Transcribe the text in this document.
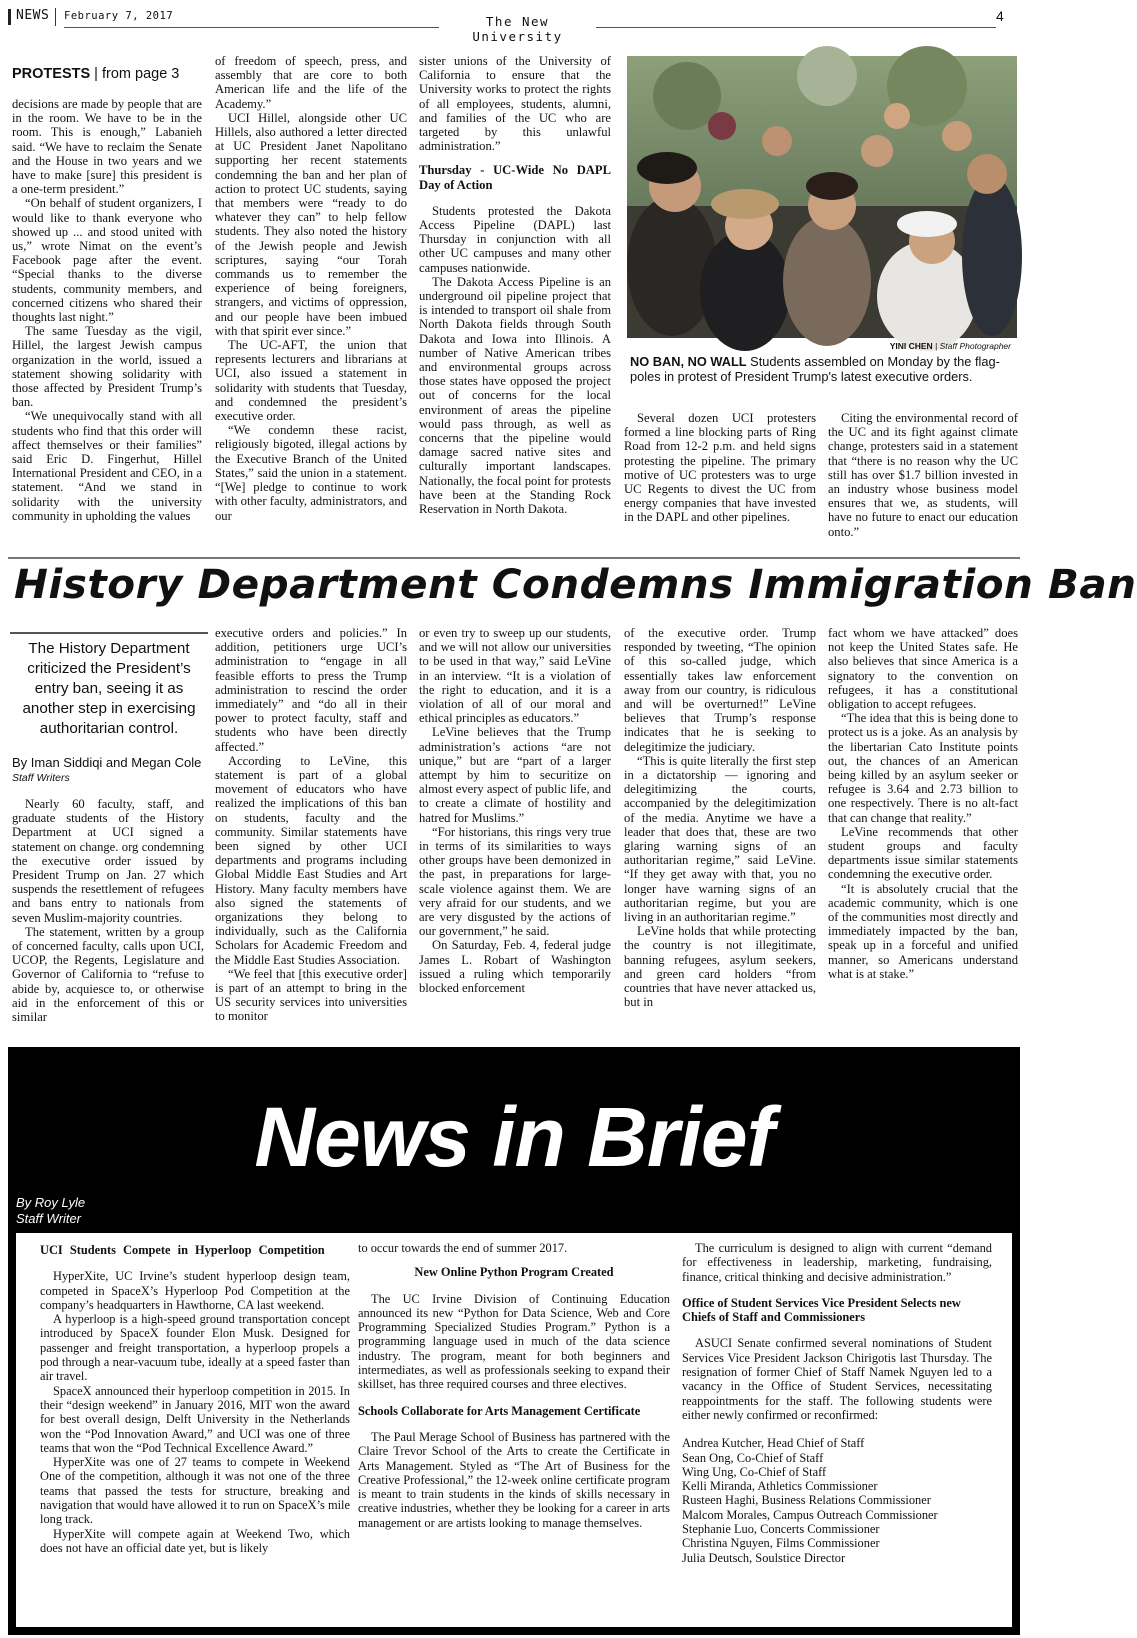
NEWS February 7, 2017	The New University
4
PROTESTS | from page 3

decisions are made by people that are in the room. We have to be in the room. This is enough,” Labanieh said. “We have to reclaim the Senate and the House in two years and we have to make [sure] this president is a one-term president.”

“On behalf of student organizers, I would like to thank everyone who showed up ... and stood united with us,” wrote Nimat on the event’s Facebook page after the event. “Special thanks to the diverse students, community members, and concerned citizens who shared their thoughts last night.”

The same Tuesday as the vigil, Hillel, the largest Jewish campus organization in the world, issued a statement showing solidarity with those affected by President Trump’s ban.

“We unequivocally stand with all students who find that this order will affect themselves or their families” said Eric D. Fingerhut, Hillel International President and CEO, in a statement. “And we stand in solidarity with the university community in upholding the values

of freedom of speech, press, and assembly that are core to both American life and the life of the Academy.”

UCI Hillel, alongside other UC Hillels, also authored a letter directed at UC President Janet Napolitano supporting her recent statements condemning the ban and her plan of action to protect UC students, saying that members were “ready to do whatever they can” to help fellow students. They also noted the history of the Jewish people and Jewish scriptures, saying “our Torah commands us to remember the experience of being foreigners, strangers, and victims of oppression, and our people have been imbued with that spirit ever since.”

The UC-AFT, the union that represents lecturers and librarians at UCI, also issued a statement in solidarity with students that Tuesday, and condemned the president’s executive order.

“We condemn these racist, religiously bigoted, illegal actions by the Executive Branch of the United States,” said the union in a statement. “[We] pledge to continue to work with other faculty, administrators, and our

sister unions of the University of California to ensure that the University works to protect the rights of all employees, students, alumni, and families of the UC who are targeted by this unlawful administration.”

Thursday - UC-Wide No DAPL Day of Action

Students protested the Dakota Access Pipeline (DAPL) last Thursday in conjunction with all other UC campuses and many other campuses nationwide.

The Dakota Access Pipeline is an underground oil pipeline project that is intended to transport oil shale from North Dakota fields through South Dakota and Iowa into Illinois. A number of Native American tribes and environmental groups across those states have opposed the project out of concerns for the local environment of areas the pipeline would pass through, as well as concerns that the pipeline would damage sacred native sites and culturally important landscapes. Nationally, the focal point for protests have been at the Standing Rock Reservation in North Dakota.

YINI CHEN | Staff Photographer
NO BAN, NO WALL Students assembled on Monday by the flag-poles in protest of President Trump's latest executive orders.

Several dozen UCI protesters formed a line blocking parts of Ring Road from 12-2 p.m. and held signs protesting the pipeline. The primary motive of UC protesters was to urge UC Regents to divest the UC from energy companies that have invested in the DAPL and other pipelines.

Citing the environmental record of the UC and its fight against climate change, protesters said in a statement that “there is no reason why the UC still has over $1.7 billion invested in an industry whose business model ensures that we, as students, will have no future to enact our education onto.”

History Department Condemns Immigration Ban
The History Department criticized the President’s entry ban, seeing it as another step in exercising authoritarian control.
By Iman Siddiqi and Megan Cole
Staff Writers

Nearly 60 faculty, staff, and graduate students of the History Department at UCI signed a statement on change. org condemning the executive order issued by President Trump on Jan. 27 which suspends the resettlement of refugees and bans entry to nationals from seven Muslim-majority countries.

The statement, written by a group of concerned faculty, calls upon UCI, UCOP, the Regents, Legislature and Governor of California to “refuse to abide by, acquiesce to, or otherwise aid in the enforcement of this or similar

executive orders and policies.” In addition, petitioners urge UCI’s administration to “engage in all feasible efforts to press the Trump administration to rescind the order immediately” and “do all in their power to protect faculty, staff and students who have been directly affected.”

According to LeVine, this statement is part of a global movement of educators who have realized the implications of this ban on students, faculty and the community. Similar statements have been signed by other UCI departments and programs including Global Middle East Studies and Art History. Many faculty members have also signed the statements of organizations they belong to individually, such as the California Scholars for Academic Freedom and the Middle East Studies Association.

“We feel that [this executive order] is part of an attempt to bring in the US security services into universities to monitor

or even try to sweep up our students, and we will not allow our universities to be used in that way,” said LeVine in an interview. “It is a violation of the right to education, and it is a violation of all of our moral and ethical principles as educators.”

LeVine believes that the Trump administration’s actions “are not unique,” but are “part of a larger attempt by him to securitize on almost every aspect of public life, and to create a climate of hostility and hatred for Muslims.”

“For historians, this rings very true in terms of its similarities to ways other groups have been demonized in the past, in preparations for large-scale violence against them. We are very afraid for our students, and we are very disgusted by the actions of our government,” he said.

On Saturday, Feb. 4, federal judge James L. Robart of Washington issued a ruling which temporarily blocked enforcement

of the executive order. Trump responded by tweeting, “The opinion of this so-called judge, which essentially takes law enforcement away from our country, is ridiculous and will be overturned!” LeVine believes that Trump’s response indicates that he is seeking to delegitimize the judiciary.

“This is quite literally the first step in a dictatorship — ignoring and delegitimizing the courts, accompanied by the delegitimization of the media. Anytime we have a leader that does that, these are two glaring warning signs of an authoritarian regime,” said LeVine. “If they get away with that, you no longer have warning signs of an authoritarian regime, but you are living in an authoritarian regime.”

LeVine holds that while protecting the country is not illegitimate, banning refugees, asylum seekers, and green card holders “from countries that have never attacked us, but in

fact whom we have attacked” does not keep the United States safe. He also believes that since America is a signatory to the convention on refugees, it has a constitutional obligation to accept refugees.

“The idea that this is being done to protect us is a joke. As an analysis by the libertarian Cato Institute points out, the chances of an American being killed by an asylum seeker or refugee is 3.64 and 2.73 billion to one respectively. There is no alt-fact that can change that reality.”

LeVine recommends that other student groups and faculty departments issue similar statements condemning the executive order.

“It is absolutely crucial that the academic community, which is one of the communities most directly and immediately impacted by the ban, speak up in a forceful and unified manner, so Americans understand what is at stake.”

News in Brief
By Roy Lyle
Staff Writer

UCI Students Compete in Hyperloop Competition

HyperXite, UC Irvine’s student hyperloop design team, competed in SpaceX’s Hyperloop Pod Competition at the company’s headquarters in Hawthorne, CA last weekend.

A hyperloop is a high-speed ground transportation concept introduced by SpaceX founder Elon Musk. Designed for passenger and freight transportation, a hyperloop propels a pod through a near-vacuum tube, ideally at a speed faster than air travel.

SpaceX announced their hyperloop competition in 2015. In their “design weekend” in January 2016, MIT won the award for best overall design, Delft University in the Netherlands won the “Pod Innovation Award,” and UCI was one of three teams that won the “Pod Technical Excellence Award.”

HyperXite was one of 27 teams to compete in Weekend One of the competition, although it was not one of the three teams that passed the tests for structure, breaking and navigation that would have allowed it to run on SpaceX’s mile long track.

HyperXite will compete again at Weekend Two, which does not have an official date yet, but is likely

to occur towards the end of summer 2017.

New Online Python Program Created

The UC Irvine Division of Continuing Education announced its new “Python for Data Science, Web and Core Programming Specialized Studies Program.” Python is a programming language used in much of the data science industry. The program, meant for both beginners and intermediates, as well as professionals seeking to expand their skillset, has three required courses and three electives.

Schools Collaborate for Arts Management Certificate

The Paul Merage School of Business has partnered with the Claire Trevor School of the Arts to create the Certificate in Arts Management. Styled as “The Art of Business for the Creative Professional,” the 12-week online certificate program is meant to train students in the kinds of skills necessary in creative industries, whether they be looking for a career in arts management or are artists looking to manage themselves.

The curriculum is designed to align with current “demand for effectiveness in leadership, marketing, fundraising, finance, critical thinking and decisive administration.”

Office of Student Services Vice President Selects new Chiefs of Staff and Commissioners

ASUCI Senate confirmed several nominations of Student Services Vice President Jackson Chirigotis last Thursday. The resignation of former Chief of Staff Namek Nguyen led to a vacancy in the Office of Student Services, necessitating reappointments for the staff. The following students were either newly confirmed or reconfirmed:

Andrea Kutcher, Head Chief of Staff
Sean Ong, Co-Chief of Staff
Wing Ung, Co-Chief of Staff
Kelli Miranda, Athletics Commissioner
Rusteen Haghi, Business Relations Commissioner
Malcom Morales, Campus Outreach Commissioner
Stephanie Luo, Concerts Commissioner
Christina Nguyen, Films Commissioner
Julia Deutsch, Soulstice Director
